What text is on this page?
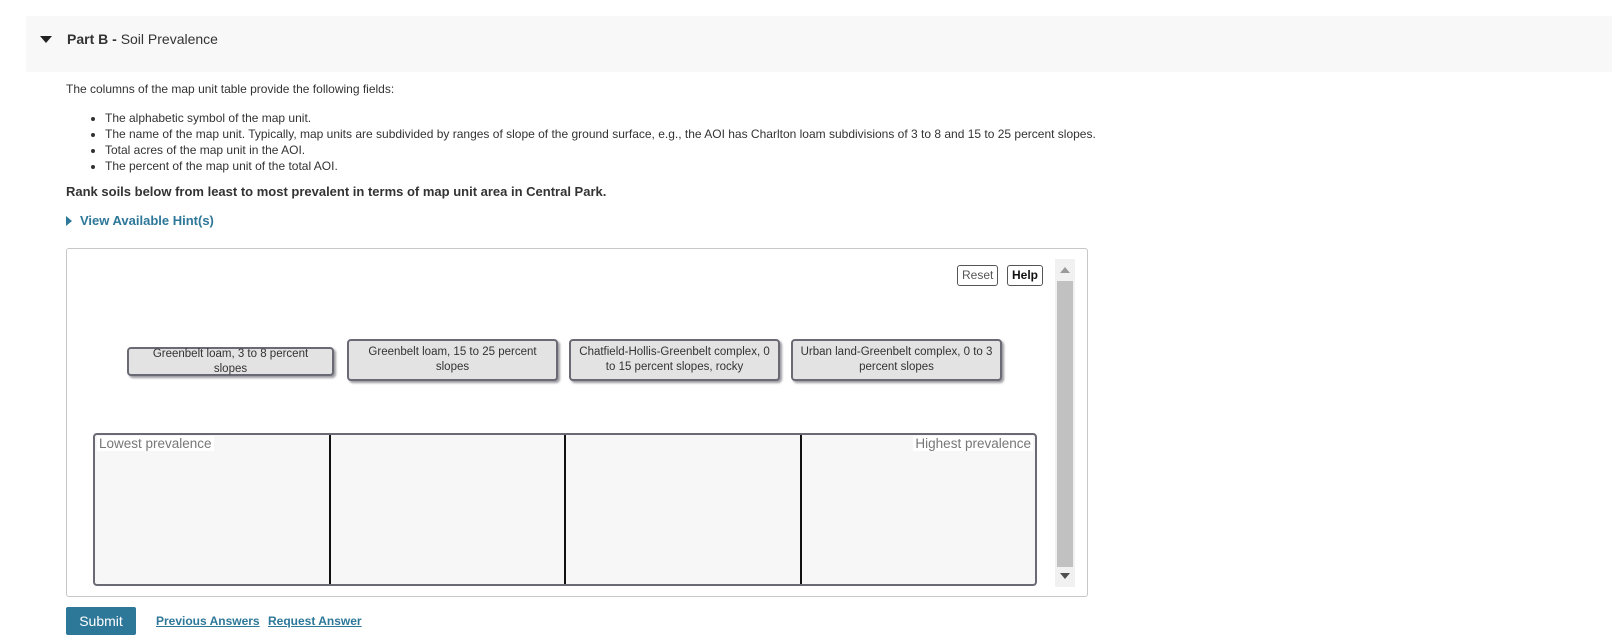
Part B - Soil Prevalence
The columns of the map unit table provide the following fields:
• The alphabetic symbol of the map unit.
• The name of the map unit. Typically, map units are subdivided by ranges of slope of the ground surface, e.g., the AOI has Charlton loam subdivisions of 3 to 8 and 15 to 25 percent slopes.
• Total acres of the map unit in the AOI.
• The percent of the map unit of the total AOI.
Rank soils below from least to most prevalent in terms of map unit area in Central Park.
View Available Hint(s)
Reset	Help
Greenbelt loam, 3 to 8 percent slopes
Greenbelt loam, 15 to 25 percent slopes
Chatfield-Hollis-Greenbelt complex, 0 to 15 percent slopes, rocky
Urban land-Greenbelt complex, 0 to 3 percent slopes
Lowest prevalence	Highest prevalence
Submit	Previous Answers Request Answer
